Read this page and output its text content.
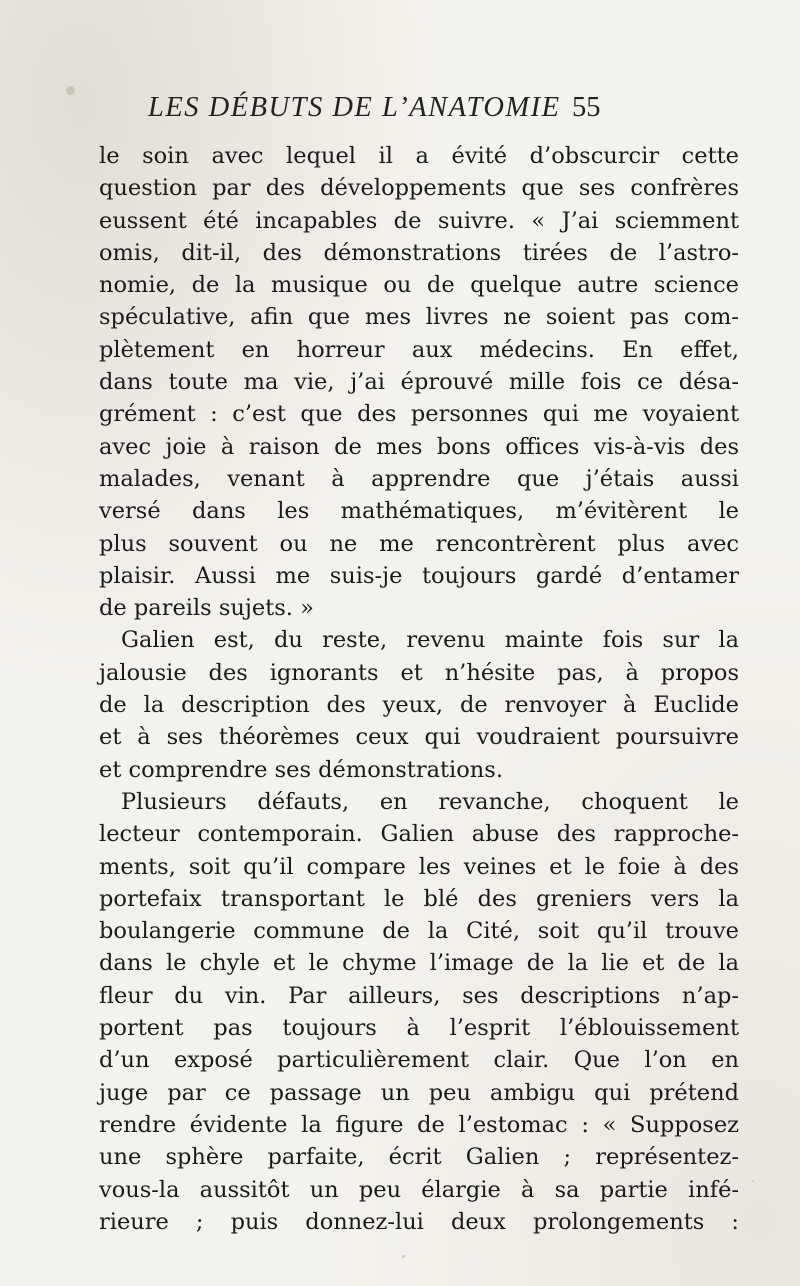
LES DÉBUTS DE L’ANATOMIE 55
le soin avec lequel il a évité d’obscurcir cette
question par des développements que ses confrères
eussent été incapables de suivre. « J’ai sciemment
omis, dit-il, des démonstrations tirées de l’astro-
nomie, de la musique ou de quelque autre science
spéculative, afin que mes livres ne soient pas com-
plètement en horreur aux médecins. En effet,
dans toute ma vie, j’ai éprouvé mille fois ce désa-
grément : c’est que des personnes qui me voyaient
avec joie à raison de mes bons offices vis-à-vis des
malades, venant à apprendre que j’étais aussi
versé dans les mathématiques, m’évitèrent le
plus souvent ou ne me rencontrèrent plus avec
plaisir. Aussi me suis-je toujours gardé d’entamer
de pareils sujets. »
Galien est, du reste, revenu mainte fois sur la
jalousie des ignorants et n’hésite pas, à propos
de la description des yeux, de renvoyer à Euclide
et à ses théorèmes ceux qui voudraient poursuivre
et comprendre ses démonstrations.
Plusieurs défauts, en revanche, choquent le
lecteur contemporain. Galien abuse des rapproche-
ments, soit qu’il compare les veines et le foie à des
portefaix transportant le blé des greniers vers la
boulangerie commune de la Cité, soit qu’il trouve
dans le chyle et le chyme l’image de la lie et de la
fleur du vin. Par ailleurs, ses descriptions n’ap-
portent pas toujours à l’esprit l’éblouissement
d’un exposé particulièrement clair. Que l’on en
juge par ce passage un peu ambigu qui prétend
rendre évidente la figure de l’estomac : « Supposez
une sphère parfaite, écrit Galien ; représentez-
vous-la aussitôt un peu élargie à sa partie infé-
rieure ; puis donnez-lui deux prolongements :
